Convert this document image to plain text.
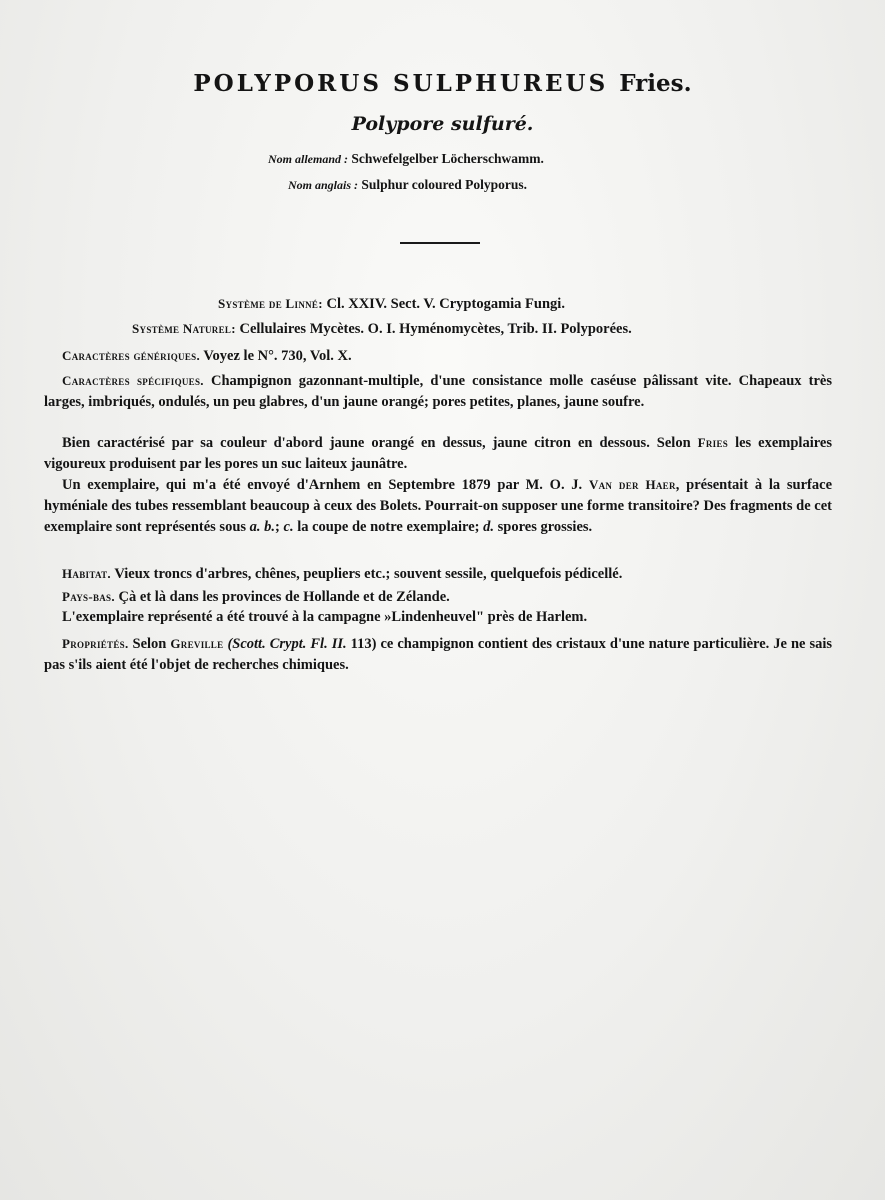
POLYPORUS SULPHUREUS Fries.
Polypore sulfuré.
Nom allemand : Schwefelgelber Löcherschwamm.
Nom anglais : Sulphur coloured Polyporus.
Système de Linné: Cl. XXIV. Sect. V. Cryptogamia Fungi.
Système Naturel: Cellulaires Mycètes. O. I. Hyménomycètes, Trib. II. Polyporées.

Caractères génériques. Voyez le N°. 730, Vol. X.

Caractères spécifiques. Champignon gazonnant-multiple, d'une consistance molle caséuse pâlissant vite. Chapeaux très larges, imbriqués, ondulés, un peu glabres, d'un jaune orangé; pores petites, planes, jaune soufre.

Bien caractérisé par sa couleur d'abord jaune orangé en dessus, jaune citron en dessous. Selon Fries les exemplaires vigoureux produisent par les pores un suc laiteux jaunâtre.

Un exemplaire, qui m'a été envoyé d'Arnhem en Septembre 1879 par M. O. J. Van der Haer, présentait à la surface hyméniale des tubes ressemblant beaucoup à ceux des Bolets. Pourrait-on supposer une forme transitoire? Des fragments de cet exemplaire sont représentés sous a. b.; c. la coupe de notre exemplaire; d. spores grossies.

Habitat. Vieux troncs d'arbres, chênes, peupliers etc.; souvent sessile, quelquefois pédicellé.

Pays-bas. Çà et là dans les provinces de Hollande et de Zélande.

L'exemplaire représenté a été trouvé à la campagne »Lindenheuvel" près de Harlem.

Propriétés. Selon Greville (Scott. Crypt. Fl. II. 113) ce champignon contient des cristaux d'une nature particulière. Je ne sais pas s'ils aient été l'objet de recherches chimiques.
